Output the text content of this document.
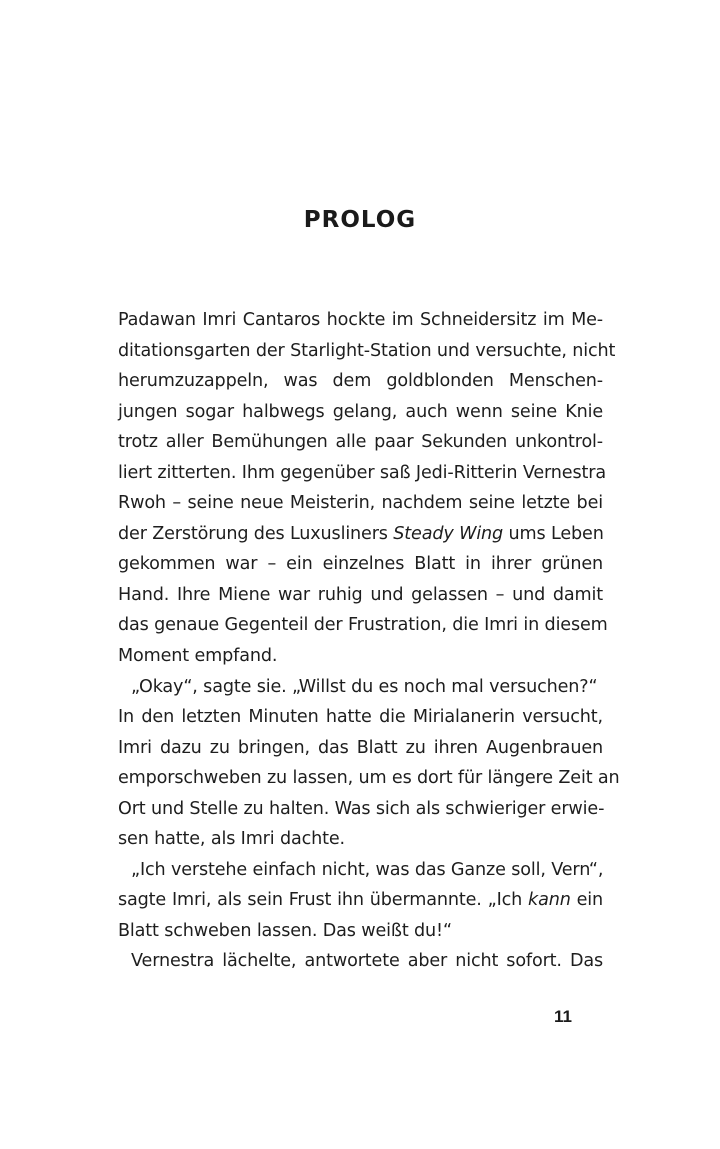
PROLOG
Padawan Imri Cantaros hockte im Schneidersitz im Me-
ditationsgarten der Starlight-Station und versuchte, nicht
herumzuzappeln, was dem goldblonden Menschen-
jungen sogar halbwegs gelang, auch wenn seine Knie
trotz aller Bemühungen alle paar Sekunden unkontrol-
liert zitterten. Ihm gegenüber saß Jedi-Ritterin Vernestra
Rwoh – seine neue Meisterin, nachdem seine letzte bei
der Zerstörung des Luxusliners Steady Wing ums Leben
gekommen war – ein einzelnes Blatt in ihrer grünen
Hand. Ihre Miene war ruhig und gelassen – und damit
das genaue Gegenteil der Frustration, die Imri in diesem
Moment empfand.
„Okay“, sagte sie. „Willst du es noch mal versuchen?“
In den letzten Minuten hatte die Mirialanerin versucht,
Imri dazu zu bringen, das Blatt zu ihren Augenbrauen
emporschweben zu lassen, um es dort für längere Zeit an
Ort und Stelle zu halten. Was sich als schwieriger erwie-
sen hatte, als Imri dachte.
„Ich verstehe einfach nicht, was das Ganze soll, Vern“,
sagte Imri, als sein Frust ihn übermannte. „Ich kann ein
Blatt schweben lassen. Das weißt du!“
Vernestra lächelte, antwortete aber nicht sofort. Das
11
